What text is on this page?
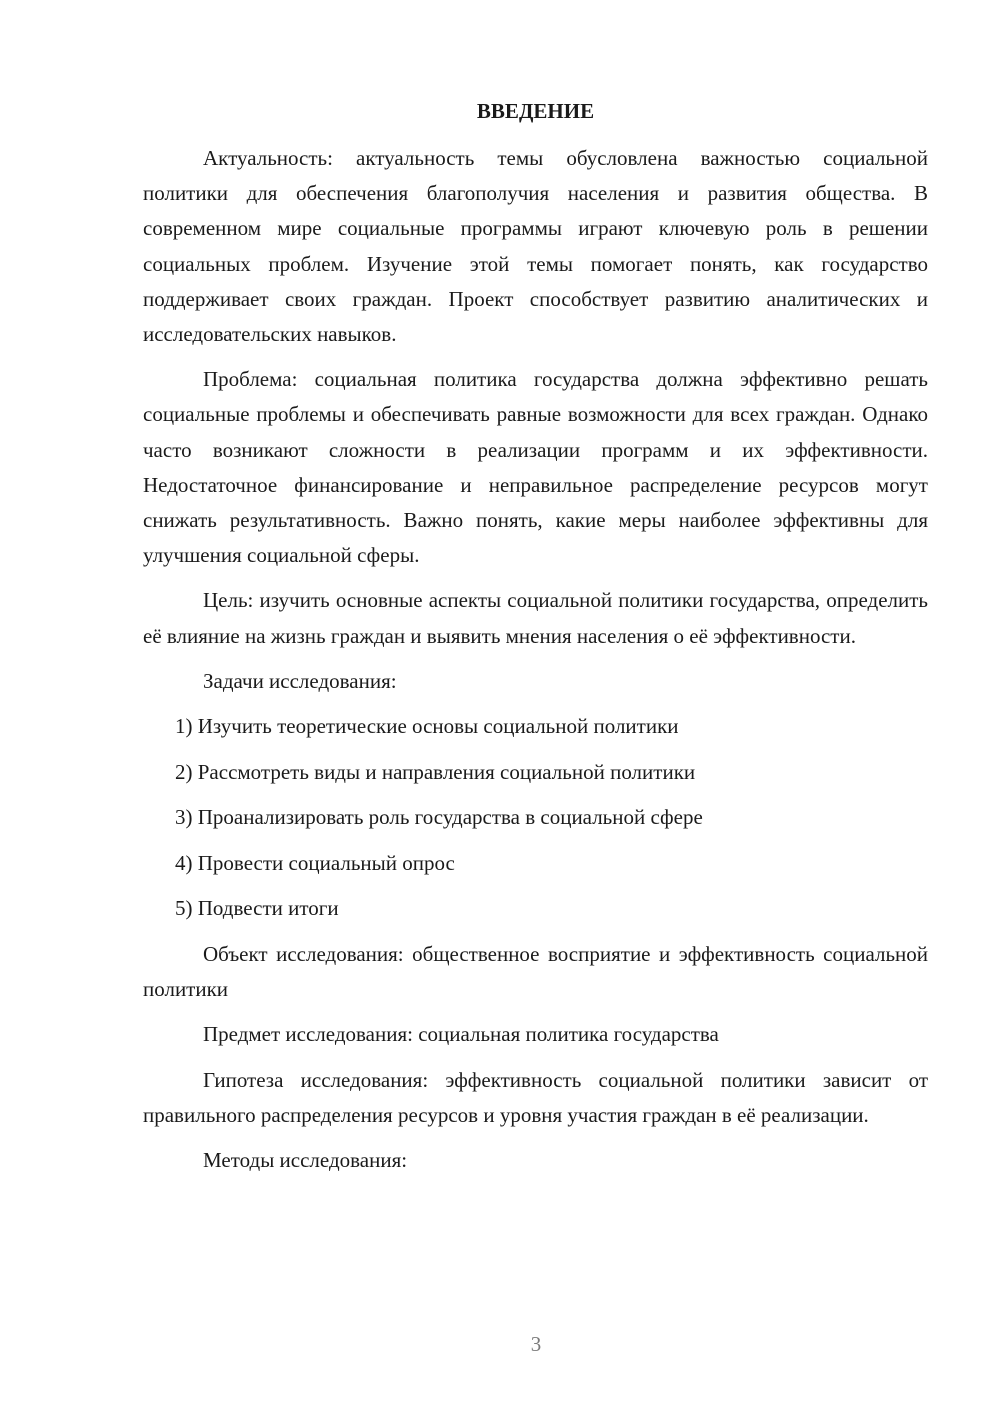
ВВЕДЕНИЕ

Актуальность: актуальность темы обусловлена важностью социальной политики для обеспечения благополучия населения и развития общества. В современном мире социальные программы играют ключевую роль в решении социальных проблем. Изучение этой темы помогает понять, как государство поддерживает своих граждан. Проект способствует развитию аналитических и исследовательских навыков.

Проблема: социальная политика государства должна эффективно решать социальные проблемы и обеспечивать равные возможности для всех граждан. Однако часто возникают сложности в реализации программ и их эффективности. Недостаточное финансирование и неправильное распределение ресурсов могут снижать результативность. Важно понять, какие меры наиболее эффективны для улучшения социальной сферы.

Цель: изучить основные аспекты социальной политики государства, определить её влияние на жизнь граждан и выявить мнения населения о её эффективности.

Задачи исследования:

1) Изучить теоретические основы социальной политики

2) Рассмотреть виды и направления социальной политики

3) Проанализировать роль государства в социальной сфере

4) Провести социальный опрос

5) Подвести итоги

Объект исследования: общественное восприятие и эффективность социальной политики

Предмет исследования: социальная политика государства

Гипотеза исследования: эффективность социальной политики зависит от правильного распределения ресурсов и уровня участия граждан в её реализации.

Методы исследования:

3
